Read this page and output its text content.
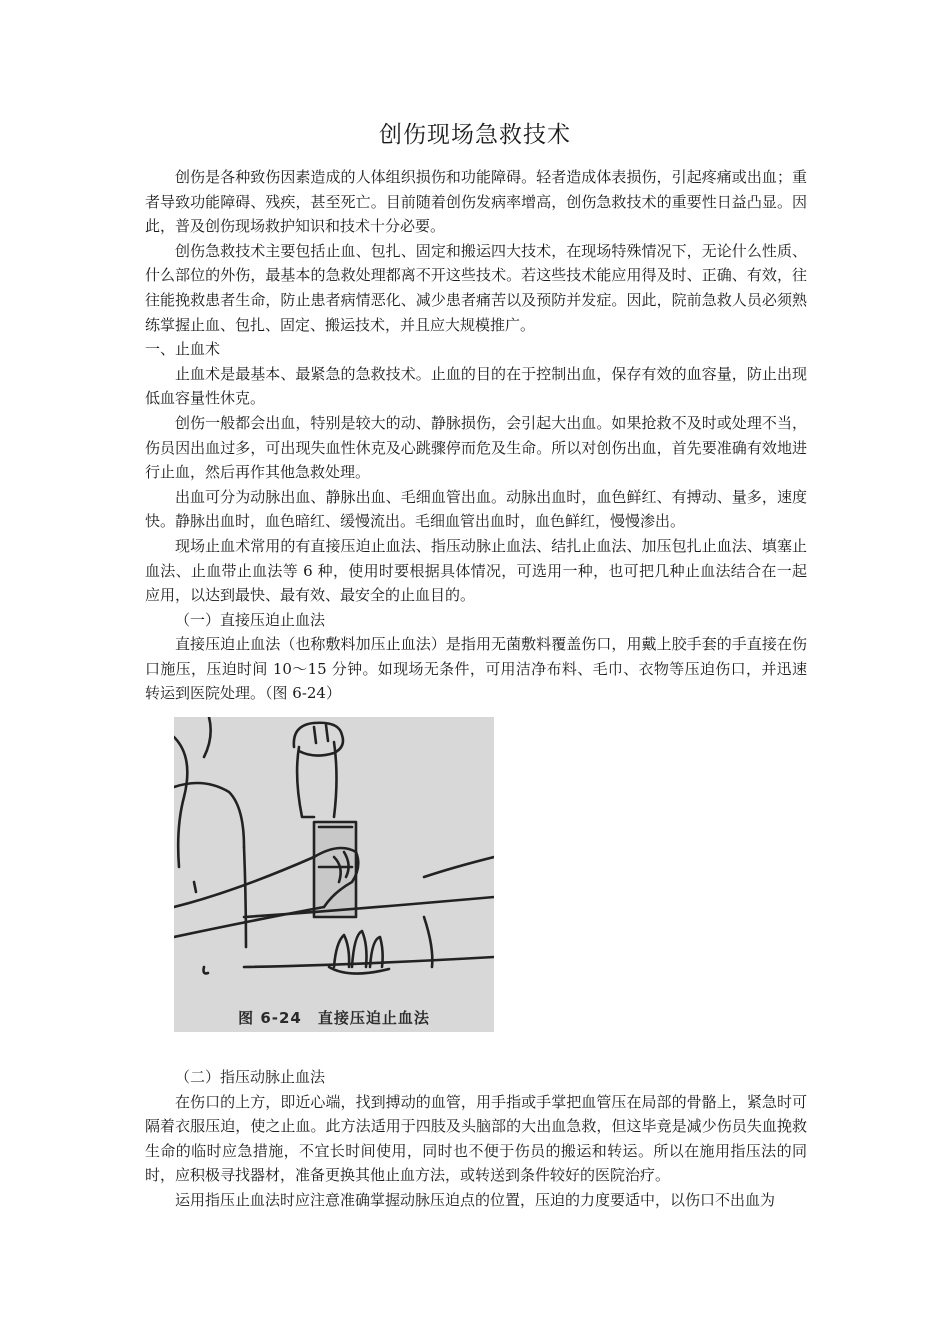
创伤现场急救技术

创伤是各种致伤因素造成的人体组织损伤和功能障碍。轻者造成体表损伤，引起疼痛或出血；重者导致功能障碍、残疾，甚至死亡。目前随着创伤发病率增高，创伤急救技术的重要性日益凸显。因此，普及创伤现场救护知识和技术十分必要。

创伤急救技术主要包括止血、包扎、固定和搬运四大技术，在现场特殊情况下，无论什么性质、什么部位的外伤，最基本的急救处理都离不开这些技术。若这些技术能应用得及时、正确、有效，往往能挽救患者生命，防止患者病情恶化、减少患者痛苦以及预防并发症。因此，院前急救人员必须熟练掌握止血、包扎、固定、搬运技术，并且应大规模推广。

一、止血术

止血术是最基本、最紧急的急救技术。止血的目的在于控制出血，保存有效的血容量，防止出现低血容量性休克。

创伤一般都会出血，特别是较大的动、静脉损伤，会引起大出血。如果抢救不及时或处理不当，伤员因出血过多，可出现失血性休克及心跳骤停而危及生命。所以对创伤出血，首先要准确有效地进行止血，然后再作其他急救处理。

出血可分为动脉出血、静脉出血、毛细血管出血。动脉出血时，血色鲜红、有搏动、量多，速度快。静脉出血时，血色暗红、缓慢流出。毛细血管出血时，血色鲜红，慢慢渗出。

现场止血术常用的有直接压迫止血法、指压动脉止血法、结扎止血法、加压包扎止血法、填塞止血法、止血带止血法等 6 种，使用时要根据具体情况，可选用一种，也可把几种止血法结合在一起应用，以达到最快、最有效、最安全的止血目的。

（一）直接压迫止血法

直接压迫止血法（也称敷料加压止血法）是指用无菌敷料覆盖伤口，用戴上胶手套的手直接在伤口施压，压迫时间 10～15 分钟。如现场无条件，可用洁净布料、毛巾、衣物等压迫伤口，并迅速转运到医院处理。（图 6-24）

图 6-24　直接压迫止血法

（二）指压动脉止血法

在伤口的上方，即近心端，找到搏动的血管，用手指或手掌把血管压在局部的骨骼上，紧急时可隔着衣服压迫，使之止血。此方法适用于四肢及头脑部的大出血急救，但这毕竟是减少伤员失血挽救生命的临时应急措施，不宜长时间使用，同时也不便于伤员的搬运和转运。所以在施用指压法的同时，应积极寻找器材，准备更换其他止血方法，或转送到条件较好的医院治疗。

运用指压止血法时应注意准确掌握动脉压迫点的位置，压迫的力度要适中，以伤口不出血为
